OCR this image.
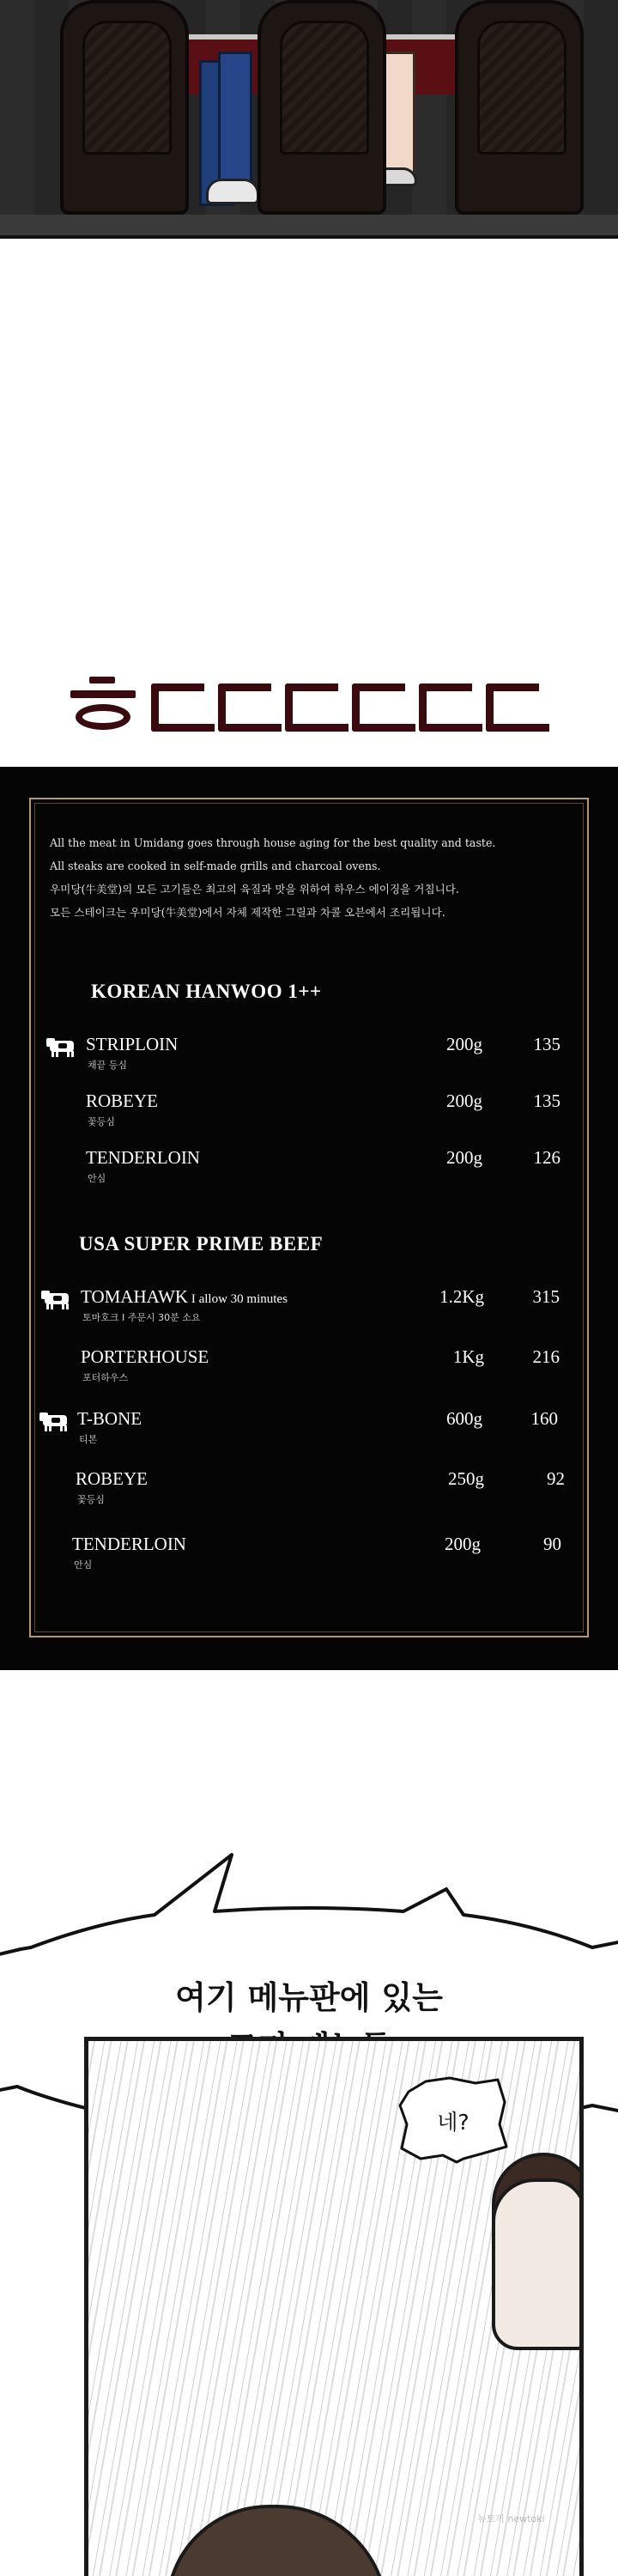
All the meat in Umidang goes through house aging for the best quality and taste.
All steaks are cooked in self-made grills and charcoal ovens.
우미당(牛美堂)의 모든 고기들은 최고의 육질과 맛을 위하여 하우스 에이징을 거칩니다.
모든 스테이크는 우미당(牛美堂)에서 자체 제작한 그릴과 차콜 오븐에서 조리됩니다.
KOREAN HANWOO 1++
STRIPLOIN
채끝 등심
200g	135
ROBEYE
꽃등심
200g	135
TENDERLOIN
안심
200g	126
USA SUPER PRIME BEEF
TOMAHAWK I allow 30 minutes
토마호크 I 주문시 30분 소요
1.2Kg	315
PORTERHOUSE
포터하우스
1Kg	216
T-BONE
티본
600g	160
ROBEYE
꽃등심
250g	92
TENDERLOIN
안심
200g	90
여기 메뉴판에 있는
네?
뉴토끼 newtoki
